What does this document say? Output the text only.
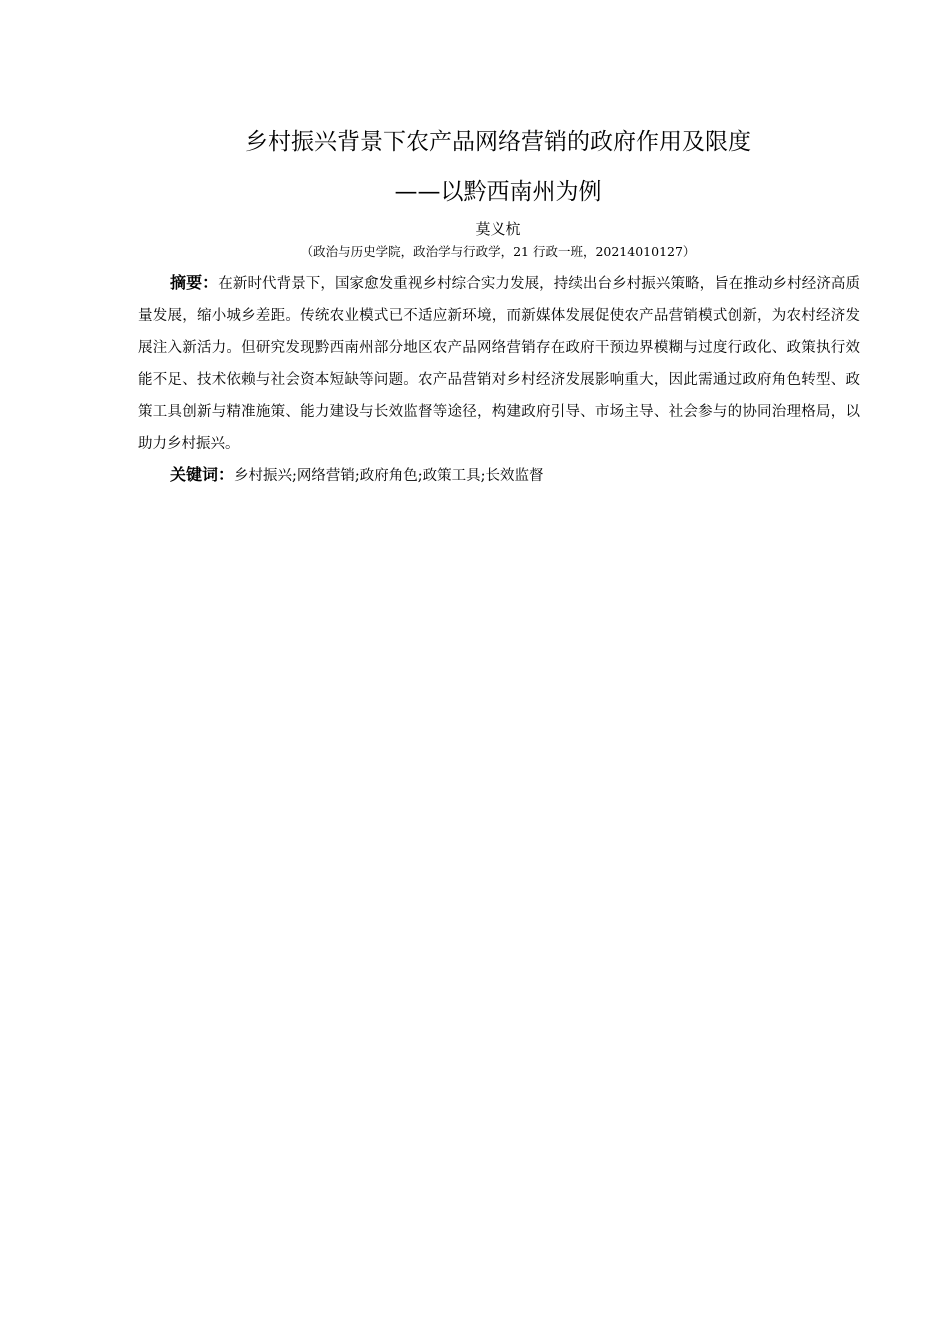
乡村振兴背景下农产品网络营销的政府作用及限度
——以黔西南州为例
莫义杭
（政治与历史学院，政治学与行政学，21 行政一班，20214010127）

摘要：在新时代背景下，国家愈发重视乡村综合实力发展，持续出台乡村振兴策略，旨在推动乡村经济高质量发展，缩小城乡差距。传统农业模式已不适应新环境，而新媒体发展促使农产品营销模式创新，为农村经济发展注入新活力。但研究发现黔西南州部分地区农产品网络营销存在政府干预边界模糊与过度行政化、政策执行效能不足、技术依赖与社会资本短缺等问题。农产品营销对乡村经济发展影响重大，因此需通过政府角色转型、政策工具创新与精准施策、能力建设与长效监督等途径，构建政府引导、市场主导、社会参与的协同治理格局，以助力乡村振兴。

关键词：乡村振兴;网络营销;政府角色;政策工具;长效监督
